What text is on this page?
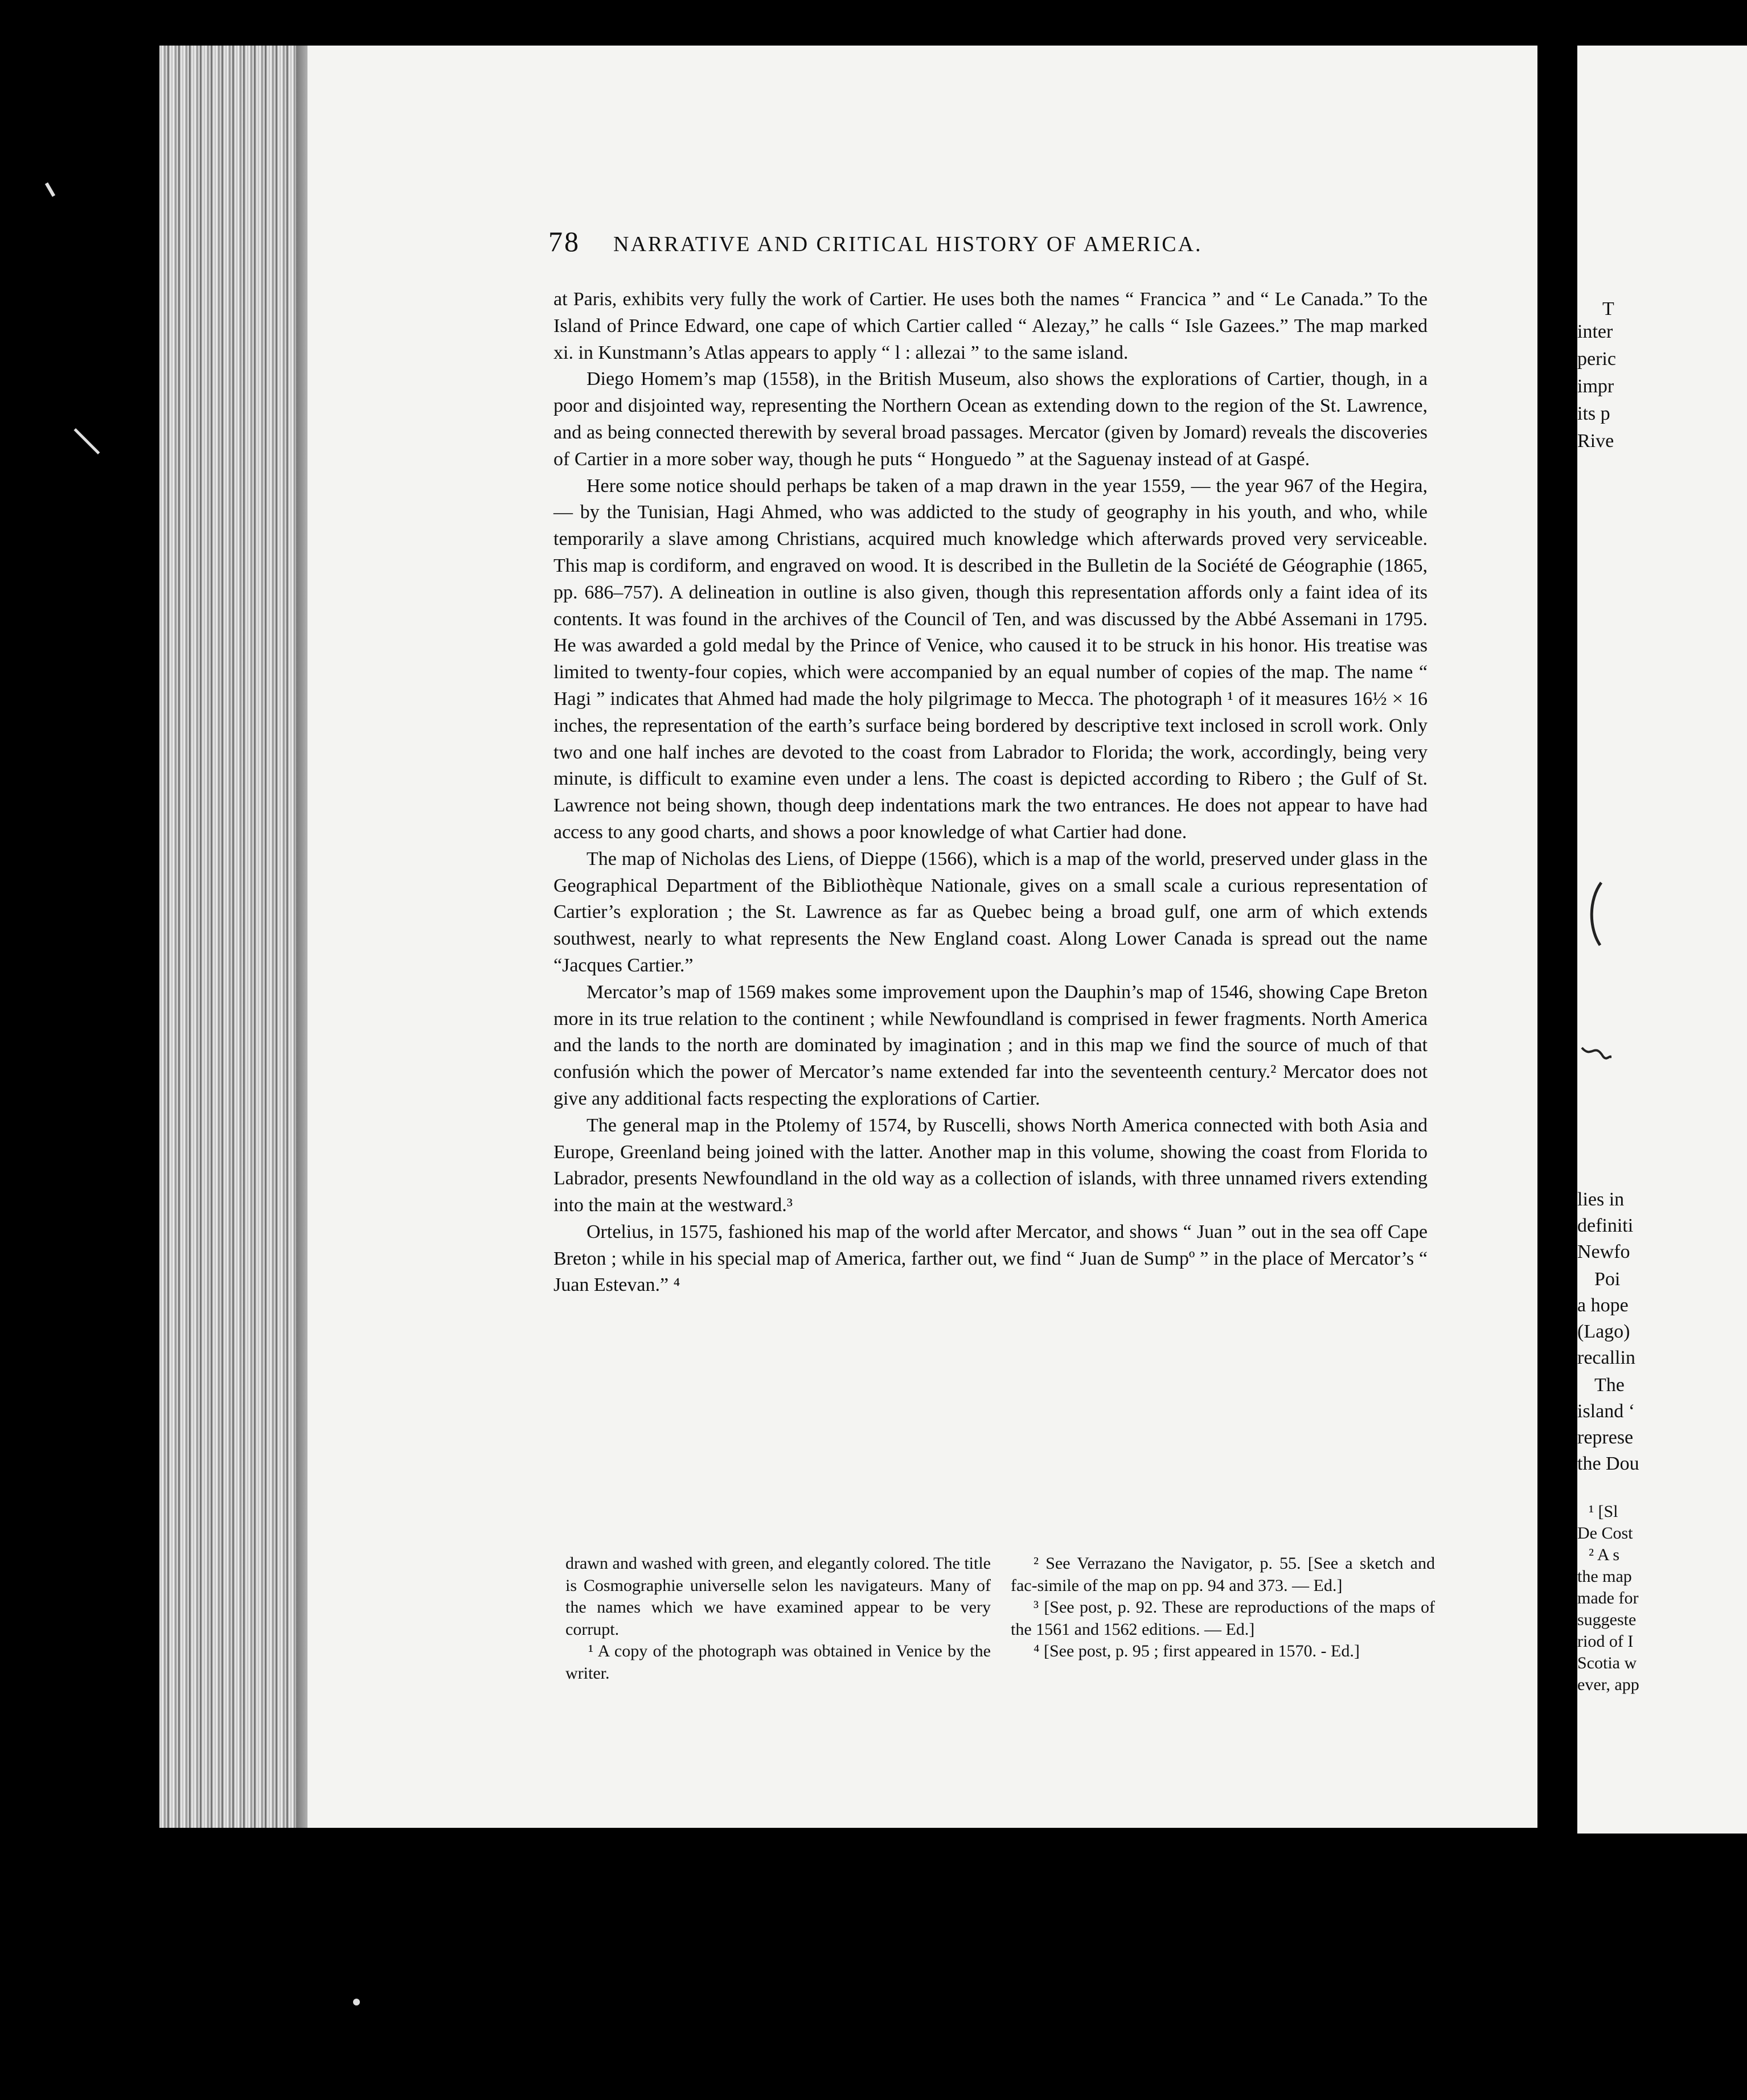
78 NARRATIVE AND CRITICAL HISTORY OF AMERICA.

at Paris, exhibits very fully the work of Cartier. He uses both the names “ Francica ” and “ Le Canada.” To the Island of Prince Edward, one cape of which Cartier called “ Alezay,” he calls “ Isle Gazees.” The map marked xi. in Kunstmann’s Atlas appears to apply “ l : allezai ” to the same island.

Diego Homem’s map (1558), in the British Museum, also shows the explorations of Cartier, though, in a poor and disjointed way, representing the Northern Ocean as extending down to the region of the St. Lawrence, and as being connected therewith by several broad passages. Mercator (given by Jomard) reveals the discoveries of Cartier in a more sober way, though he puts “ Honguedo ” at the Saguenay instead of at Gaspé.

Here some notice should perhaps be taken of a map drawn in the year 1559, — the year 967 of the Hegira, — by the Tunisian, Hagi Ahmed, who was addicted to the study of geography in his youth, and who, while temporarily a slave among Christians, acquired much knowledge which afterwards proved very serviceable. This map is cordiform, and engraved on wood. It is described in the Bulletin de la Société de Géographie (1865, pp. 686–757). A delineation in outline is also given, though this representation affords only a faint idea of its contents. It was found in the archives of the Council of Ten, and was discussed by the Abbé Assemani in 1795. He was awarded a gold medal by the Prince of Venice, who caused it to be struck in his honor. His treatise was limited to twenty-four copies, which were accompanied by an equal number of copies of the map. The name “ Hagi ” indicates that Ahmed had made the holy pilgrimage to Mecca. The photograph ¹ of it measures 16½ × 16 inches, the representation of the earth’s surface being bordered by descriptive text inclosed in scroll work. Only two and one half inches are devoted to the coast from Labrador to Florida; the work, accordingly, being very minute, is difficult to examine even under a lens. The coast is depicted according to Ribero ; the Gulf of St. Lawrence not being shown, though deep indentations mark the two entrances. He does not appear to have had access to any good charts, and shows a poor knowledge of what Cartier had done.

The map of Nicholas des Liens, of Dieppe (1566), which is a map of the world, preserved under glass in the Geographical Department of the Bibliothèque Nationale, gives on a small scale a curious representation of Cartier’s exploration ; the St. Lawrence as far as Quebec being a broad gulf, one arm of which extends southwest, nearly to what represents the New England coast. Along Lower Canada is spread out the name “Jacques Cartier.”

Mercator’s map of 1569 makes some improvement upon the Dauphin’s map of 1546, showing Cape Breton more in its true relation to the continent ; while Newfoundland is comprised in fewer fragments. North America and the lands to the north are dominated by imagination ; and in this map we find the source of much of that confusión which the power of Mercator’s name extended far into the seventeenth century.² Mercator does not give any additional facts respecting the explorations of Cartier.

The general map in the Ptolemy of 1574, by Ruscelli, shows North America connected with both Asia and Europe, Greenland being joined with the latter. Another map in this volume, showing the coast from Florida to Labrador, presents Newfoundland in the old way as a collection of islands, with three unnamed rivers extending into the main at the westward.³

Ortelius, in 1575, fashioned his map of the world after Mercator, and shows “ Juan ” out in the sea off Cape Breton ; while in his special map of America, farther out, we find “ Juan de Sumpº ” in the place of Mercator’s “ Juan Estevan.” ⁴

drawn and washed with green, and elegantly colored. The title is Cosmographie universelle selon les navigateurs. Many of the names which we have examined appear to be very corrupt.

¹ A copy of the photograph was obtained in Venice by the writer.

² See Verrazano the Navigator, p. 55. [See a sketch and fac-simile of the map on pp. 94 and 373. — Ed.]

³ [See post, p. 92. These are reproductions of the maps of the 1561 and 1562 editions. — Ed.]

⁴ [See post, p. 95 ; first appeared in 1570. - Ed.]

T
inter
peric
impr
its p
Rive
lies in
definiti
Newfo
Poi
a hope
(Lago)
recallin
The
island ‘
represe
the Dou
¹ [Sl
De Cost
² A s
the map
made for
suggeste
riod of I
Scotia w
ever, app
